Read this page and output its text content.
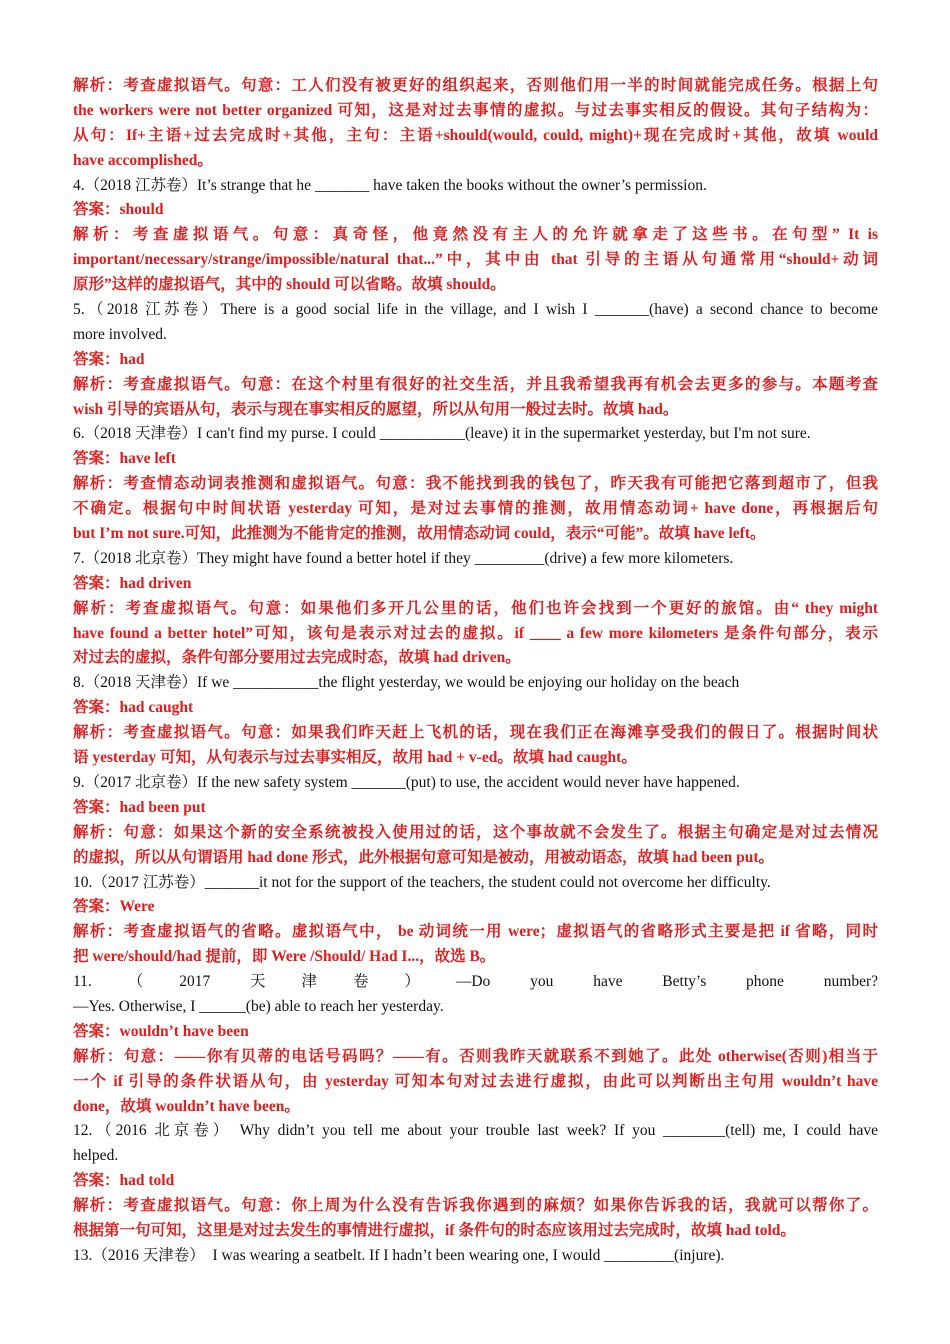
解析：考查虚拟语气。句意：工人们没有被更好的组织起来，否则他们用一半的时间就能完成任务。根据上句
the workers were not better organized 可知，这是对过去事情的虚拟。与过去事实相反的假设。其句子结构为：
从句：If+主语+过去完成时+其他，主句：主语+should(would, could, might)+现在完成时+其他，故填 would
have accomplished。
4.（2018 江苏卷）It’s strange that he _______ have taken the books without the owner’s permission.
答案：should
解析：考查虚拟语气。句意：真奇怪，他竟然没有主人的允许就拿走了这些书。在句型” It is
important/necessary/strange/impossible/natural that...”中，其中由 that 引导的主语从句通常用“should+动词
原形”这样的虚拟语气，其中的 should 可以省略。故填 should。
5.（2018 江苏卷）There is a good social life in the village, and I wish I _______(have) a second chance to become
more involved.
答案：had
解析：考查虚拟语气。句意：在这个村里有很好的社交生活，并且我希望我再有机会去更多的参与。本题考查
wish 引导的宾语从句，表示与现在事实相反的愿望，所以从句用一般过去时。故填 had。
6.（2018 天津卷）I can't find my purse. I could ___________(leave) it in the supermarket yesterday, but I'm not sure.
答案：have left
解析：考查情态动词表推测和虚拟语气。句意：我不能找到我的钱包了，昨天我有可能把它落到超市了，但我
不确定。根据句中时间状语 yesterday 可知，是对过去事情的推测，故用情态动词+ have done，再根据后句
but I’m not sure.可知，此推测为不能肯定的推测，故用情态动词 could，表示“可能”。故填 have left。
7.（2018 北京卷）They might have found a better hotel if they _________(drive) a few more kilometers.
答案：had driven
解析：考查虚拟语气。句意：如果他们多开几公里的话，他们也许会找到一个更好的旅馆。由“ they might
have found a better hotel”可知，该句是表示对过去的虚拟。if ____ a few more kilometers 是条件句部分，表示
对过去的虚拟，条件句部分要用过去完成时态，故填 had driven。
8.（2018 天津卷）If we ___________the flight yesterday, we would be enjoying our holiday on the beach
答案：had caught
解析：考查虚拟语气。句意：如果我们昨天赶上飞机的话，现在我们正在海滩享受我们的假日了。根据时间状
语 yesterday 可知，从句表示与过去事实相反，故用 had + v-ed。故填 had caught。
9.（2017 北京卷）If the new safety system _______(put) to use, the accident would never have happened.
答案：had been put
解析：句意：如果这个新的安全系统被投入使用过的话，这个事故就不会发生了。根据主句确定是对过去情况
的虚拟，所以从句谓语用 had done 形式，此外根据句意可知是被动，用被动语态，故填 had been put。
10.（2017 江苏卷）_______it not for the support of the teachers, the student could not overcome her difficulty.
答案：Were
解析：考查虚拟语气的省略。虚拟语气中， be 动词统一用 were；虚拟语气的省略形式主要是把 if 省略，同时
把 were/should/had 提前，即 Were /Should/ Had I...，故选 B。
11.（2017 天津卷）—Do you have Betty’s phone number?
—Yes. Otherwise, I ______(be) able to reach her yesterday.
答案：wouldn’t have been
解析：句意：——你有贝蒂的电话号码吗？——有。否则我昨天就联系不到她了。此处 otherwise(否则)相当于
一个 if 引导的条件状语从句，由 yesterday 可知本句对过去进行虚拟，由此可以判断出主句用 wouldn’t have
done，故填 wouldn’t have been。
12.（2016 北京卷） Why didn’t you tell me about your trouble last week? If you ________(tell) me, I could have
helped.
答案：had told
解析：考查虚拟语气。句意：你上周为什么没有告诉我你遇到的麻烦？如果你告诉我的话，我就可以帮你了。
根据第一句可知，这里是对过去发生的事情进行虚拟，if 条件句的时态应该用过去完成时，故填 had told。
13.（2016 天津卷）  I was wearing a seatbelt. If I hadn’t been wearing one, I would _________(injure).
